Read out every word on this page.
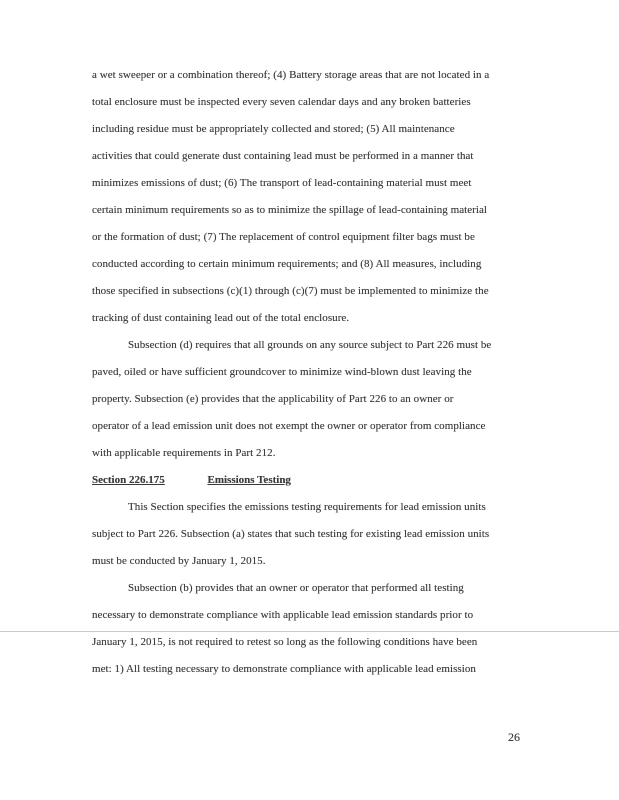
a wet sweeper or a combination thereof; (4) Battery storage areas that are not located in a
total enclosure must be inspected every seven calendar days and any broken batteries
including residue must be appropriately collected and stored; (5) All maintenance
activities that could generate dust containing lead must be performed in a manner that
minimizes emissions of dust; (6) The transport of lead-containing material must meet
certain minimum requirements so as to minimize the spillage of lead-containing material
or the formation of dust; (7) The replacement of control equipment filter bags must be
conducted according to certain minimum requirements; and (8) All measures, including
those specified in subsections (c)(1) through (c)(7) must be implemented to minimize the
tracking of dust containing lead out of the total enclosure.
Subsection (d) requires that all grounds on any source subject to Part 226 must be
paved, oiled or have sufficient groundcover to minimize wind-blown dust leaving the
property. Subsection (e) provides that the applicability of Part 226 to an owner or
operator of a lead emission unit does not exempt the owner or operator from compliance
with applicable requirements in Part 212.
Section 226.175	Emissions Testing
This Section specifies the emissions testing requirements for lead emission units
subject to Part 226. Subsection (a) states that such testing for existing lead emission units
must be conducted by January 1, 2015.
Subsection (b) provides that an owner or operator that performed all testing
necessary to demonstrate compliance with applicable lead emission standards prior to
January 1, 2015, is not required to retest so long as the following conditions have been
met: 1) All testing necessary to demonstrate compliance with applicable lead emission
26
